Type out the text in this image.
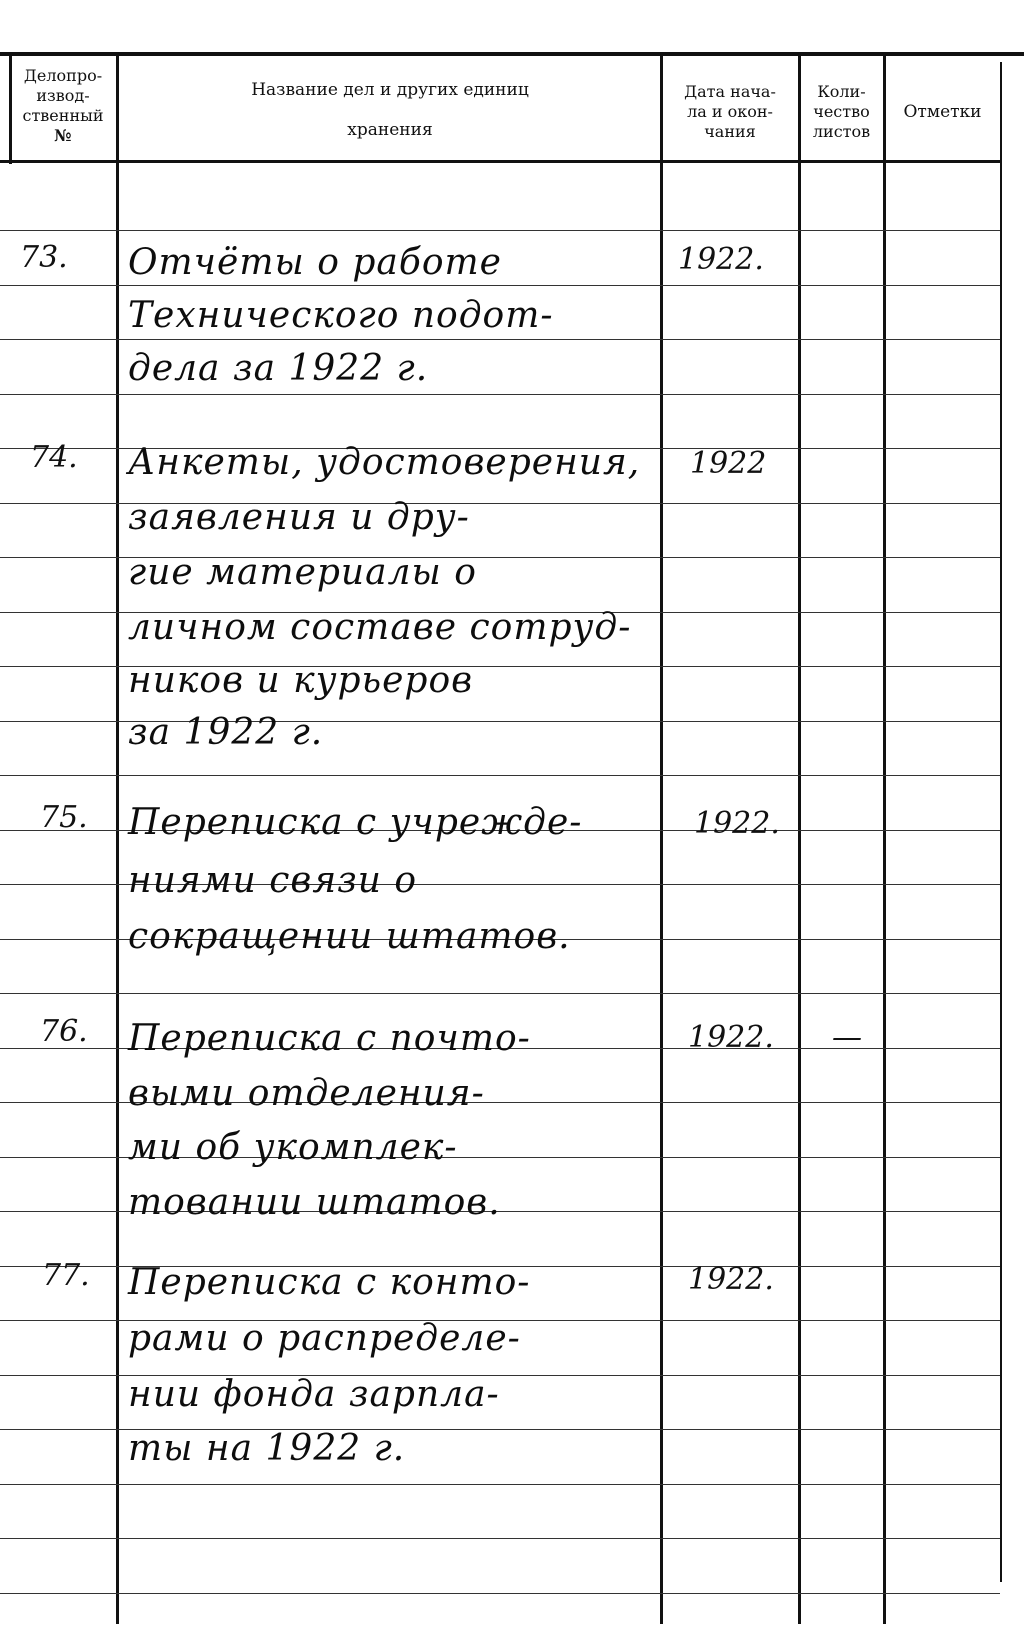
Делопро-
извод-
ственный
№
Название дел и других единиц
хранения
Дата нача-
ла и окон-
чания
Коли-
чество
листов
Отметки
73. Отчёты о работе
Технического подот-
дела за 1922 г.
1922.
74. Анкеты, удостоверения,
заявления и дру-
гие материалы о
личном составе сотруд-
ников и курьеров
за 1922 г.
1922
75. Переписка с учрежде-
ниями связи о
сокращении штатов.
1922.
76. Переписка с почто-
выми отделения-
ми об укомплек-
товании штатов.
1922. —
77. Переписка с конто-
рами о распределе-
нии фонда зарпла-
ты на 1922 г.
1922.
